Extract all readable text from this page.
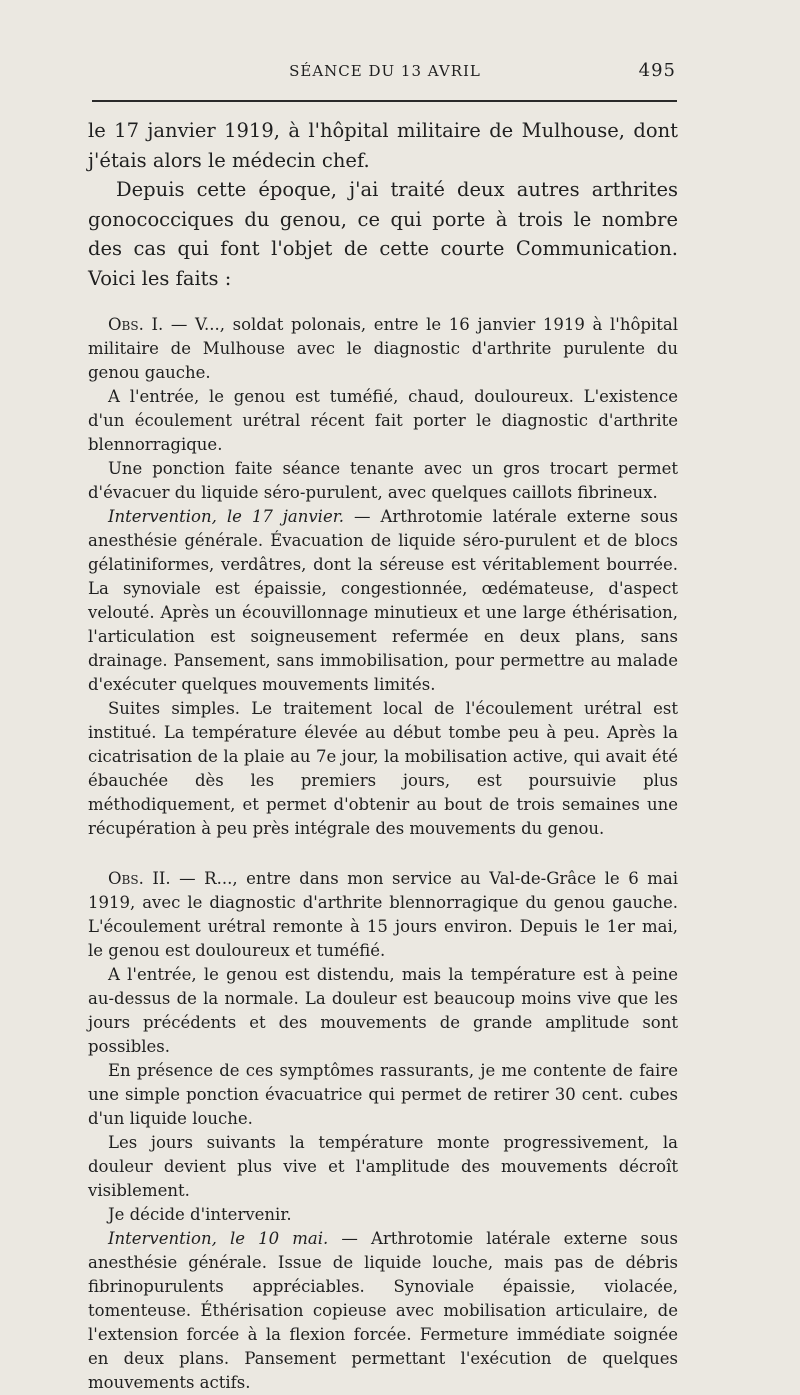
SÉANCE DU 13 AVRIL	495

le 17 janvier 1919, à l'hôpital militaire de Mulhouse, dont j'étais alors le médecin chef.

Depuis cette époque, j'ai traité deux autres arthrites gonococciques du genou, ce qui porte à trois le nombre des cas qui font l'objet de cette courte Communication. Voici les faits :

Obs. I. — V..., soldat polonais, entre le 16 janvier 1919 à l'hôpital militaire de Mulhouse avec le diagnostic d'arthrite purulente du genou gauche.

A l'entrée, le genou est tuméfié, chaud, douloureux. L'existence d'un écoulement urétral récent fait porter le diagnostic d'arthrite blennorragique.

Une ponction faite séance tenante avec un gros trocart permet d'évacuer du liquide séro-purulent, avec quelques caillots fibrineux.

Intervention, le 17 janvier. — Arthrotomie latérale externe sous anesthésie générale. Évacuation de liquide séro-purulent et de blocs gélatiniformes, verdâtres, dont la séreuse est véritablement bourrée. La synoviale est épaissie, congestionnée, œdémateuse, d'aspect velouté. Après un écouvillonnage minutieux et une large éthérisation, l'articulation est soigneusement refermée en deux plans, sans drainage. Pansement, sans immobilisation, pour permettre au malade d'exécuter quelques mouvements limités.

Suites simples. Le traitement local de l'écoulement urétral est institué. La température élevée au début tombe peu à peu. Après la cicatrisation de la plaie au 7e jour, la mobilisation active, qui avait été ébauchée dès les premiers jours, est poursuivie plus méthodiquement, et permet d'obtenir au bout de trois semaines une récupération à peu près intégrale des mouvements du genou.

Obs. II. — R..., entre dans mon service au Val-de-Grâce le 6 mai 1919, avec le diagnostic d'arthrite blennorragique du genou gauche. L'écoulement urétral remonte à 15 jours environ. Depuis le 1er mai, le genou est douloureux et tuméfié.

A l'entrée, le genou est distendu, mais la température est à peine au-dessus de la normale. La douleur est beaucoup moins vive que les jours précédents et des mouvements de grande amplitude sont possibles.

En présence de ces symptômes rassurants, je me contente de faire une simple ponction évacuatrice qui permet de retirer 30 cent. cubes d'un liquide louche.

Les jours suivants la température monte progressivement, la douleur devient plus vive et l'amplitude des mouvements décroît visiblement.

Je décide d'intervenir.

Intervention, le 10 mai. — Arthrotomie latérale externe sous anesthésie générale. Issue de liquide louche, mais pas de débris fibrinopurulents appréciables. Synoviale épaissie, violacée, tomenteuse. Éthérisation copieuse avec mobilisation articulaire, de l'extension forcée à la flexion forcée. Fermeture immédiate soignée en deux plans. Pansement permettant l'exécution de quelques mouvements actifs.
